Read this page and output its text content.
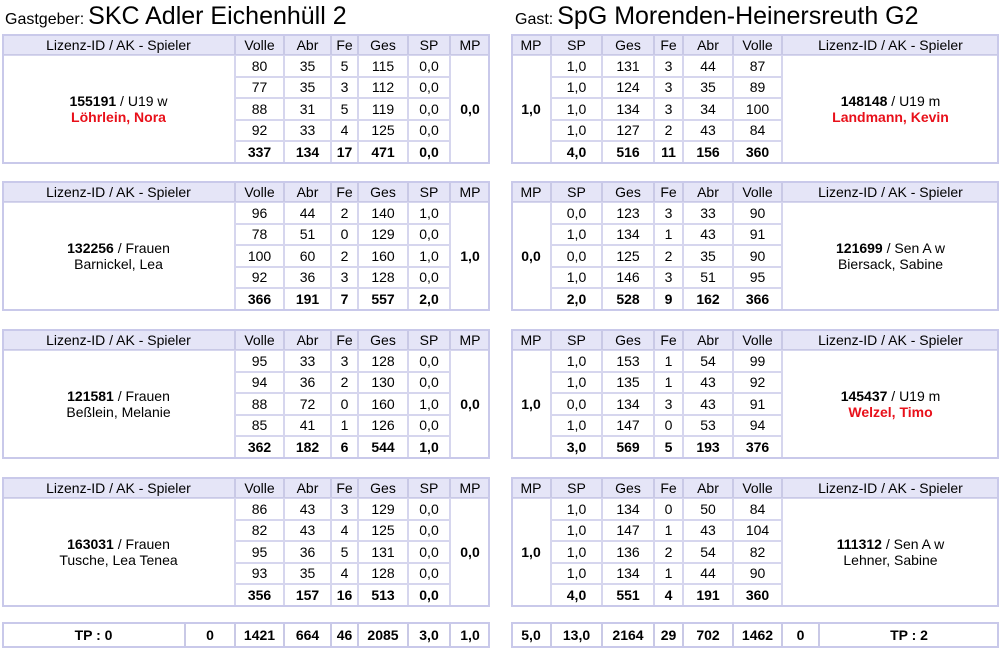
Gastgeber: SKC Adler Eichenhüll 2	Gast: SpG Morenden-Heinersreuth G2
Lizenz-ID / AK - Spieler	Volle	Abr	Fe	Ges	SP	MP
155191 / U19 w
Löhrlein, Nora	0,0
80	35	5	115	0,0
77	35	3	112	0,0
88	31	5	119	0,0
92	33	4	125	0,0
337	134	17	471	0,0
Lizenz-ID / AK - Spieler	Volle	Abr	Fe	Ges	SP	MP
132256 / Frauen
Barnickel, Lea	1,0
96	44	2	140	1,0
78	51	0	129	0,0
100	60	2	160	1,0
92	36	3	128	0,0
366	191	7	557	2,0
Lizenz-ID / AK - Spieler	Volle	Abr	Fe	Ges	SP	MP
121581 / Frauen
Beßlein, Melanie	0,0
95	33	3	128	0,0
94	36	2	130	0,0
88	72	0	160	1,0
85	41	1	126	0,0
362	182	6	544	1,0
Lizenz-ID / AK - Spieler	Volle	Abr	Fe	Ges	SP	MP
163031 / Frauen
Tusche, Lea Tenea	0,0
86	43	3	129	0,0
82	43	4	125	0,0
95	36	5	131	0,0
93	35	4	128	0,0
356	157	16	513	0,0
MP	SP	Ges	Fe	Abr	Volle	Lizenz-ID / AK - Spieler
148148 / U19 m
Landmann, Kevin
1,0
1,0	131	3	44	87
1,0	124	3	35	89
1,0	134	3	34	100
1,0	127	2	43	84
4,0	516	11	156	360
MP	SP	Ges	Fe	Abr	Volle	Lizenz-ID / AK - Spieler
121699 / Sen A w
Biersack, Sabine
0,0
0,0	123	3	33	90
1,0	134	1	43	91
0,0	125	2	35	90
1,0	146	3	51	95
2,0	528	9	162	366
MP	SP	Ges	Fe	Abr	Volle	Lizenz-ID / AK - Spieler
145437 / U19 m
Welzel, Timo
1,0
1,0	153	1	54	99
1,0	135	1	43	92
0,0	134	3	43	91
1,0	147	0	53	94
3,0	569	5	193	376
MP	SP	Ges	Fe	Abr	Volle	Lizenz-ID / AK - Spieler
111312 / Sen A w
Lehner, Sabine
1,0
1,0	134	0	50	84
1,0	147	1	43	104
1,0	136	2	54	82
1,0	134	1	44	90
4,0	551	4	191	360
TP : 0	0	1421	664	46	2085	3,0	1,0	5,0	13,0	2164	29	702	1462	0	TP : 2
